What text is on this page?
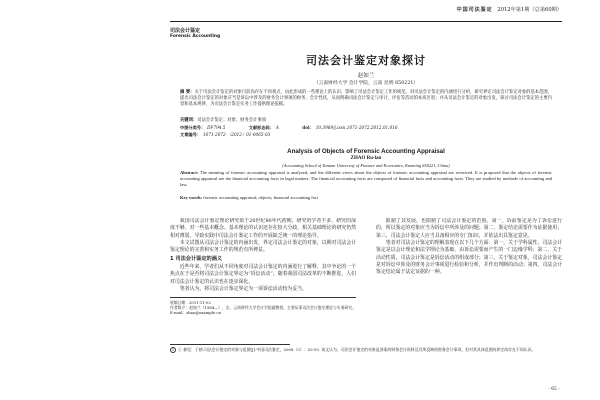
中国司法鉴定 2012年第1期（总第60期）
司法会计鉴定
Forensic Accounting
司法会计鉴定对象探讨
赵如兰
（云南财经大学 会计学院，云南 昆明 650221）
摘 要：关于司法会计鉴定的对象目前尚存在不同观点，由此形成的一些理论上的认识，影响了司法会计鉴定工作的规范。对司法会计鉴定的内涵进行分析，研究界定司法会计鉴定对象的基本范围，提出司法会计鉴定的对象应当是诉讼中涉及的财务会计事项的财务、会计性状，从而明确司法会计鉴定与审计、评估等活动的本质区别；并从司法会计鉴定的对象出发，探讨司法会计鉴定的主要内容和基本规律，为司法会计鉴定实务工作提供理论依据。
关键词：司法会计鉴定；对象；财务会计事项
中图分类号： DF794.5	文献标志码： A	doi： 10.3969/j.issn.1671-2072.2012.01.016
文章编号： 1671-2072-（2012）01-0065-03
Analysis of Objects of Forensic Accounting Appraisal
ZHAO Ru-lan
(Accounting School of Yunnan University of Finance and Economics, Kunming 650221, China)
Abstract: The meaning of forensic accounting appraisal is analyzed, and the different views about the objects of forensic accounting appraisal are reviewed. It is proposed that the objects of forensic accounting appraisal are the financial accounting facts in legal matters. The financial accounting facts are composed of financial facts and accounting facts. They are studied by methods of accounting and law.
Key words: forensic accounting appraisal; objects; financial accounting fact

我国司法会计鉴定理论研究始于20世纪80年代初期，研究的学者不多，研究的深度不够，对一些基本概念、基本理论的认识还存在较大分歧，相关基础理论的研究仍然相对薄弱，导致实践中司法会计鉴定工作的开展缺乏统一的理论指导。

本文试图从司法会计鉴定的内涵出发，界定司法会计鉴定的对象，以期对司法会计鉴定理论的完善和实务工作的规范有所裨益。

1 司法会计鉴定的涵义

近些年来，学者们从不同角度对司法会计鉴定的内涵进行了解释，其中争论的一个焦点在于是否将司法会计鉴定界定为“诉讼活动”。随着我国司法改革的不断推进，人们对司法会计鉴定的认识也在逐步深化。

笔者认为，将司法会计鉴定界定为一项诉讼活动较为妥当。

收稿日期：2011-11-02
作者简介：赵如兰（1964—），女，云南财经大学会计学院副教授，主要从事司法会计鉴定理论与实务研究。E-mail：zhao@example.cn

限制了其发展，也限制了司法会计鉴定的范围。第一，诉前鉴定是为了诉讼进行的，所以鉴定的对象应当为诉讼中所涉及的问题；第二，鉴定结论需要作为证据使用；第三，司法会计鉴定人应当具备相应的专门知识，并依法出具鉴定意见。

笔者对司法会计鉴定的理解表现在以下几个方面：第一，关于学科属性，司法会计鉴定是以会计理论和法学理论为基础，由诉讼需要而产生的一门边缘学科；第二，关于活动性质，司法会计鉴定是诉讼活动的组成部分；第三，关于鉴定对象，司法会计鉴定是对诉讼中涉及的财务会计事项进行检验和分析，并作出判断的活动；第四，司法会计鉴定结论属于法定证据的一种。

1 ① 参见：于朝.司法会计鉴定的对象与范围[J].中国司法鉴定，2008（3）：53-55. 该文认为，司法会计鉴定的对象是涉案的财务会计资料及其所反映的财务会计事项，但对其具体范围的界定尚存在不同认识。
· 65 ·
